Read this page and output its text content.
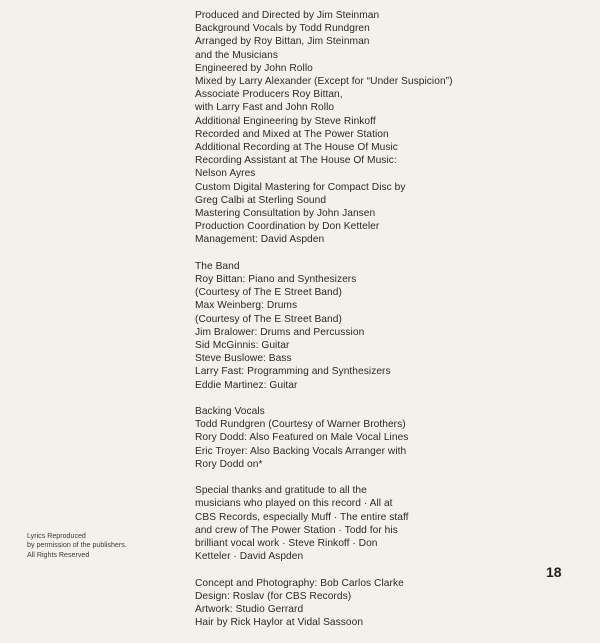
Produced and Directed by Jim Steinman
Background Vocals by Todd Rundgren
Arranged by Roy Bittan, Jim Steinman
and the Musicians
Engineered by John Rollo
Mixed by Larry Alexander (Except for “Under Suspicion”)
Associate Producers Roy Bittan,
with Larry Fast and John Rollo
Additional Engineering by Steve Rinkoff
Recorded and Mixed at The Power Station
Additional Recording at The House Of Music
Recording Assistant at The House Of Music:
Nelson Ayres
Custom Digital Mastering for Compact Disc by
Greg Calbi at Sterling Sound
Mastering Consultation by John Jansen
Production Coordination by Don Ketteler
Management: David Aspden
The Band
Roy Bittan: Piano and Synthesizers
(Courtesy of The E Street Band)
Max Weinberg: Drums
(Courtesy of The E Street Band)
Jim Bralower: Drums and Percussion
Sid McGinnis: Guitar
Steve Buslowe: Bass
Larry Fast: Programming and Synthesizers
Eddie Martinez: Guitar
Backing Vocals
Todd Rundgren (Courtesy of Warner Brothers)
Rory Dodd: Also Featured on Male Vocal Lines
Eric Troyer: Also Backing Vocals Arranger with
Rory Dodd on*
Special thanks and gratitude to all the
musicians who played on this record · All at
CBS Records, especially Muff · The entire staff
and crew of The Power Station · Todd for his
brilliant vocal work · Steve Rinkoff · Don
Ketteler · David Aspden
Concept and Photography: Bob Carlos Clarke
Design: Roslav (for CBS Records)
Artwork: Studio Gerrard
Hair by Rick Haylor at Vidal Sassoon
Lyrics Reproduced
by permission of the publishers.
All Rights Reserved
18
